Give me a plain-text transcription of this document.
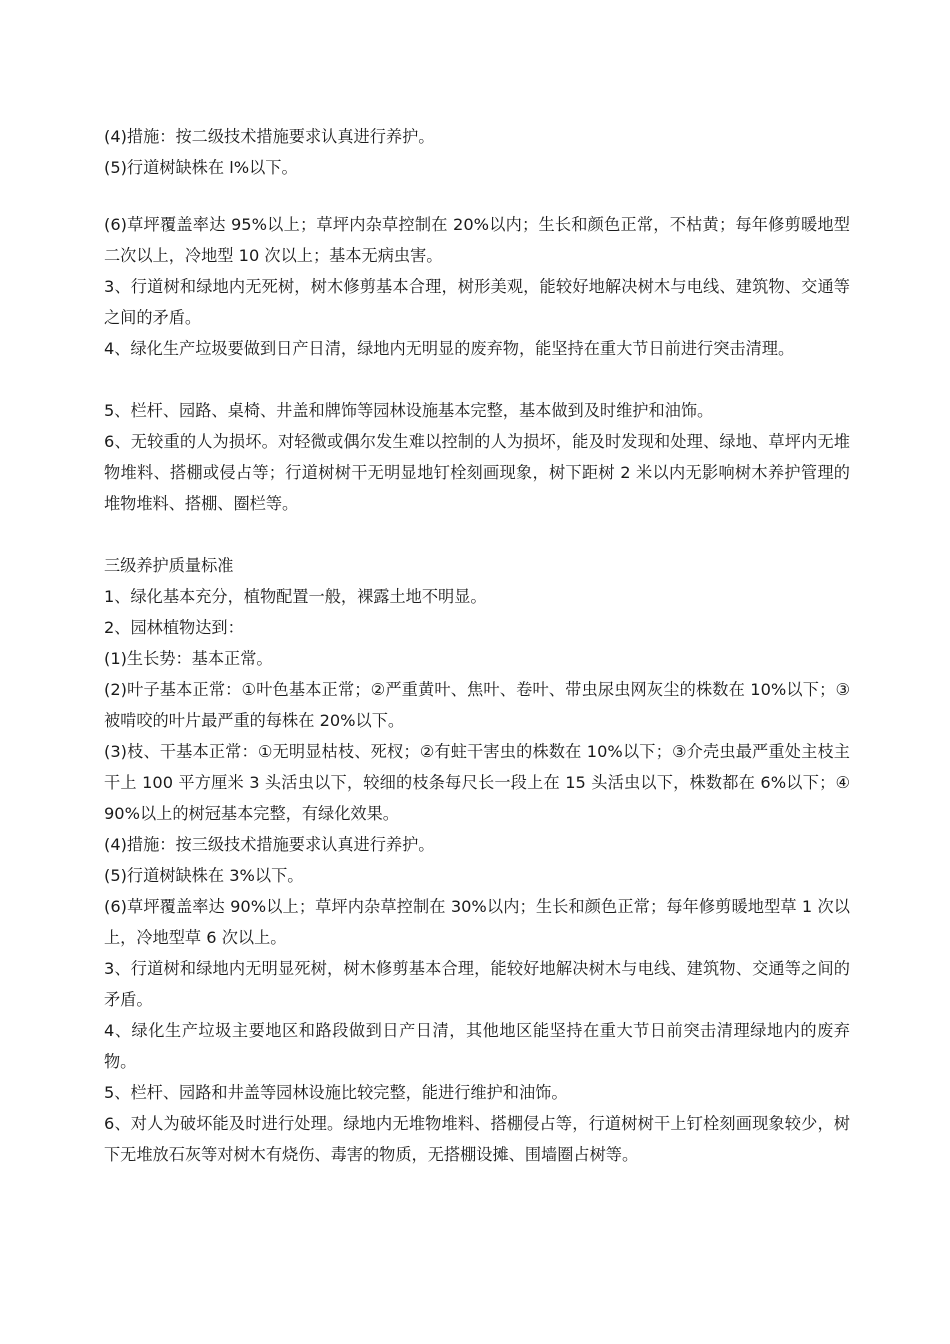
(4)措施：按二级技术措施要求认真进行养护。

(5)行道树缺株在 l%以下。

(6)草坪覆盖率达 95%以上；草坪内杂草控制在 20%以内；生长和颜色正常，不枯黄；每年修剪暖地型二次以上，冷地型 10 次以上；基本无病虫害。

3、行道树和绿地内无死树，树木修剪基本合理，树形美观，能较好地解决树木与电线、建筑物、交通等之间的矛盾。

4、绿化生产垃圾要做到日产日清，绿地内无明显的废弃物，能坚持在重大节日前进行突击清理。

5、栏杆、园路、桌椅、井盖和牌饰等园林设施基本完整，基本做到及时维护和油饰。

6、无较重的人为损坏。对轻微或偶尔发生难以控制的人为损坏，能及时发现和处理、绿地、草坪内无堆物堆料、搭棚或侵占等；行道树树干无明显地钉栓刻画现象，树下距树 2 米以内无影响树木养护管理的堆物堆料、搭棚、圈栏等。

三级养护质量标准

1、绿化基本充分，植物配置一般，裸露土地不明显。

2、园林植物达到：

(1)生长势：基本正常。

(2)叶子基本正常：①叶色基本正常；②严重黄叶、焦叶、卷叶、带虫尿虫网灰尘的株数在 10%以下；③被啃咬的叶片最严重的每株在 20%以下。

(3)枝、干基本正常：①无明显枯枝、死杈；②有蛀干害虫的株数在 10%以下；③介壳虫最严重处主枝主干上 100 平方厘米 3 头活虫以下，较细的枝条每尺长一段上在 15 头活虫以下，株数都在 6%以下；④ 90%以上的树冠基本完整，有绿化效果。

(4)措施：按三级技术措施要求认真进行养护。

(5)行道树缺株在 3%以下。

(6)草坪覆盖率达 90%以上；草坪内杂草控制在 30%以内；生长和颜色正常；每年修剪暖地型草 1 次以上，冷地型草 6 次以上。

3、行道树和绿地内无明显死树，树木修剪基本合理，能较好地解决树木与电线、建筑物、交通等之间的矛盾。

4、绿化生产垃圾主要地区和路段做到日产日清，其他地区能坚持在重大节日前突击清理绿地内的废弃物。

5、栏杆、园路和井盖等园林设施比较完整，能进行维护和油饰。

6、对人为破坏能及时进行处理。绿地内无堆物堆料、搭棚侵占等，行道树树干上钉栓刻画现象较少，树下无堆放石灰等对树木有烧伤、毒害的物质，无搭棚设摊、围墙圈占树等。
